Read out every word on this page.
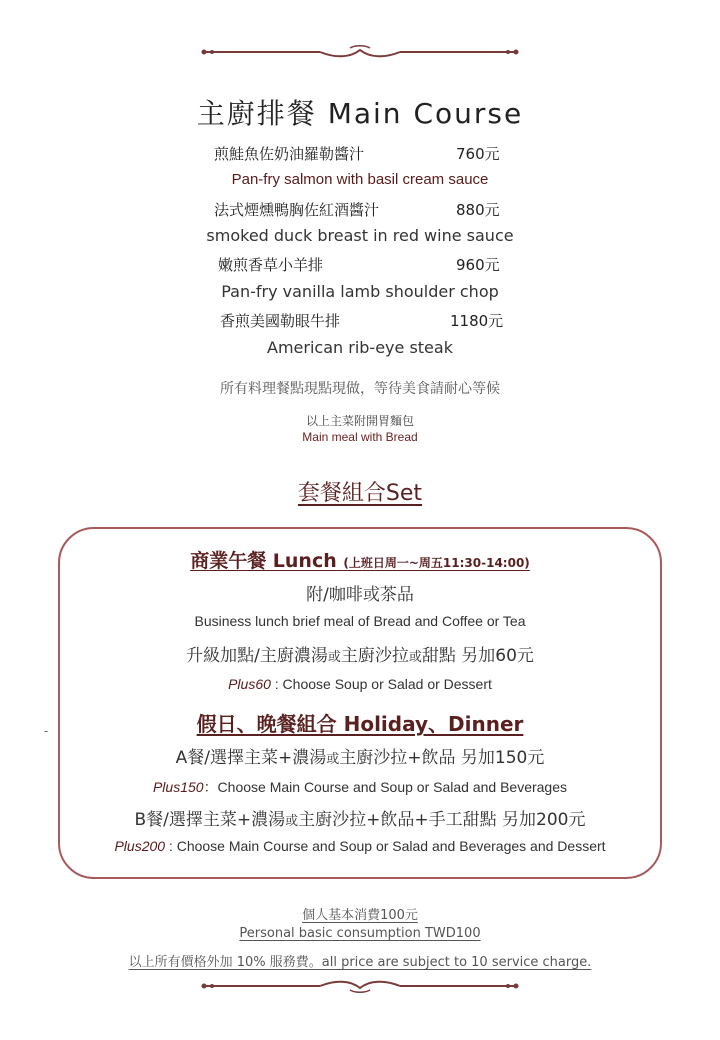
主廚排餐 Main Course
煎鮭魚佐奶油羅勒醬汁	760元
Pan-fry salmon with basil cream sauce
法式煙燻鴨胸佐紅酒醬汁	880元
smoked duck breast in red wine sauce
嫩煎香草小羊排	960元
Pan-fry vanilla lamb shoulder chop
香煎美國勒眼牛排	1180元
American rib-eye steak
所有料理餐點現點現做，等待美食請耐心等候
以上主菜附開胃麵包
Main meal with Bread
套餐組合Set
-
商業午餐 Lunch (上班日周一~周五11:30-14:00)
附/咖啡或茶品
Business lunch brief meal of Bread and Coffee or Tea
升級加點/主廚濃湯或主廚沙拉或甜點 另加60元
Plus60 : Choose Soup or Salad or Dessert
假日、晚餐組合 Holiday、Dinner
A餐/選擇主菜+濃湯或主廚沙拉+飲品 另加150元
Plus150：Choose Main Course and Soup or Salad and Beverages
B餐/選擇主菜+濃湯或主廚沙拉+飲品+手工甜點 另加200元
Plus200 : Choose Main Course and Soup or Salad and Beverages and Dessert
個人基本消費100元
Personal basic consumption TWD100
以上所有價格外加 10% 服務費。all price are subject to 10 service charge.
